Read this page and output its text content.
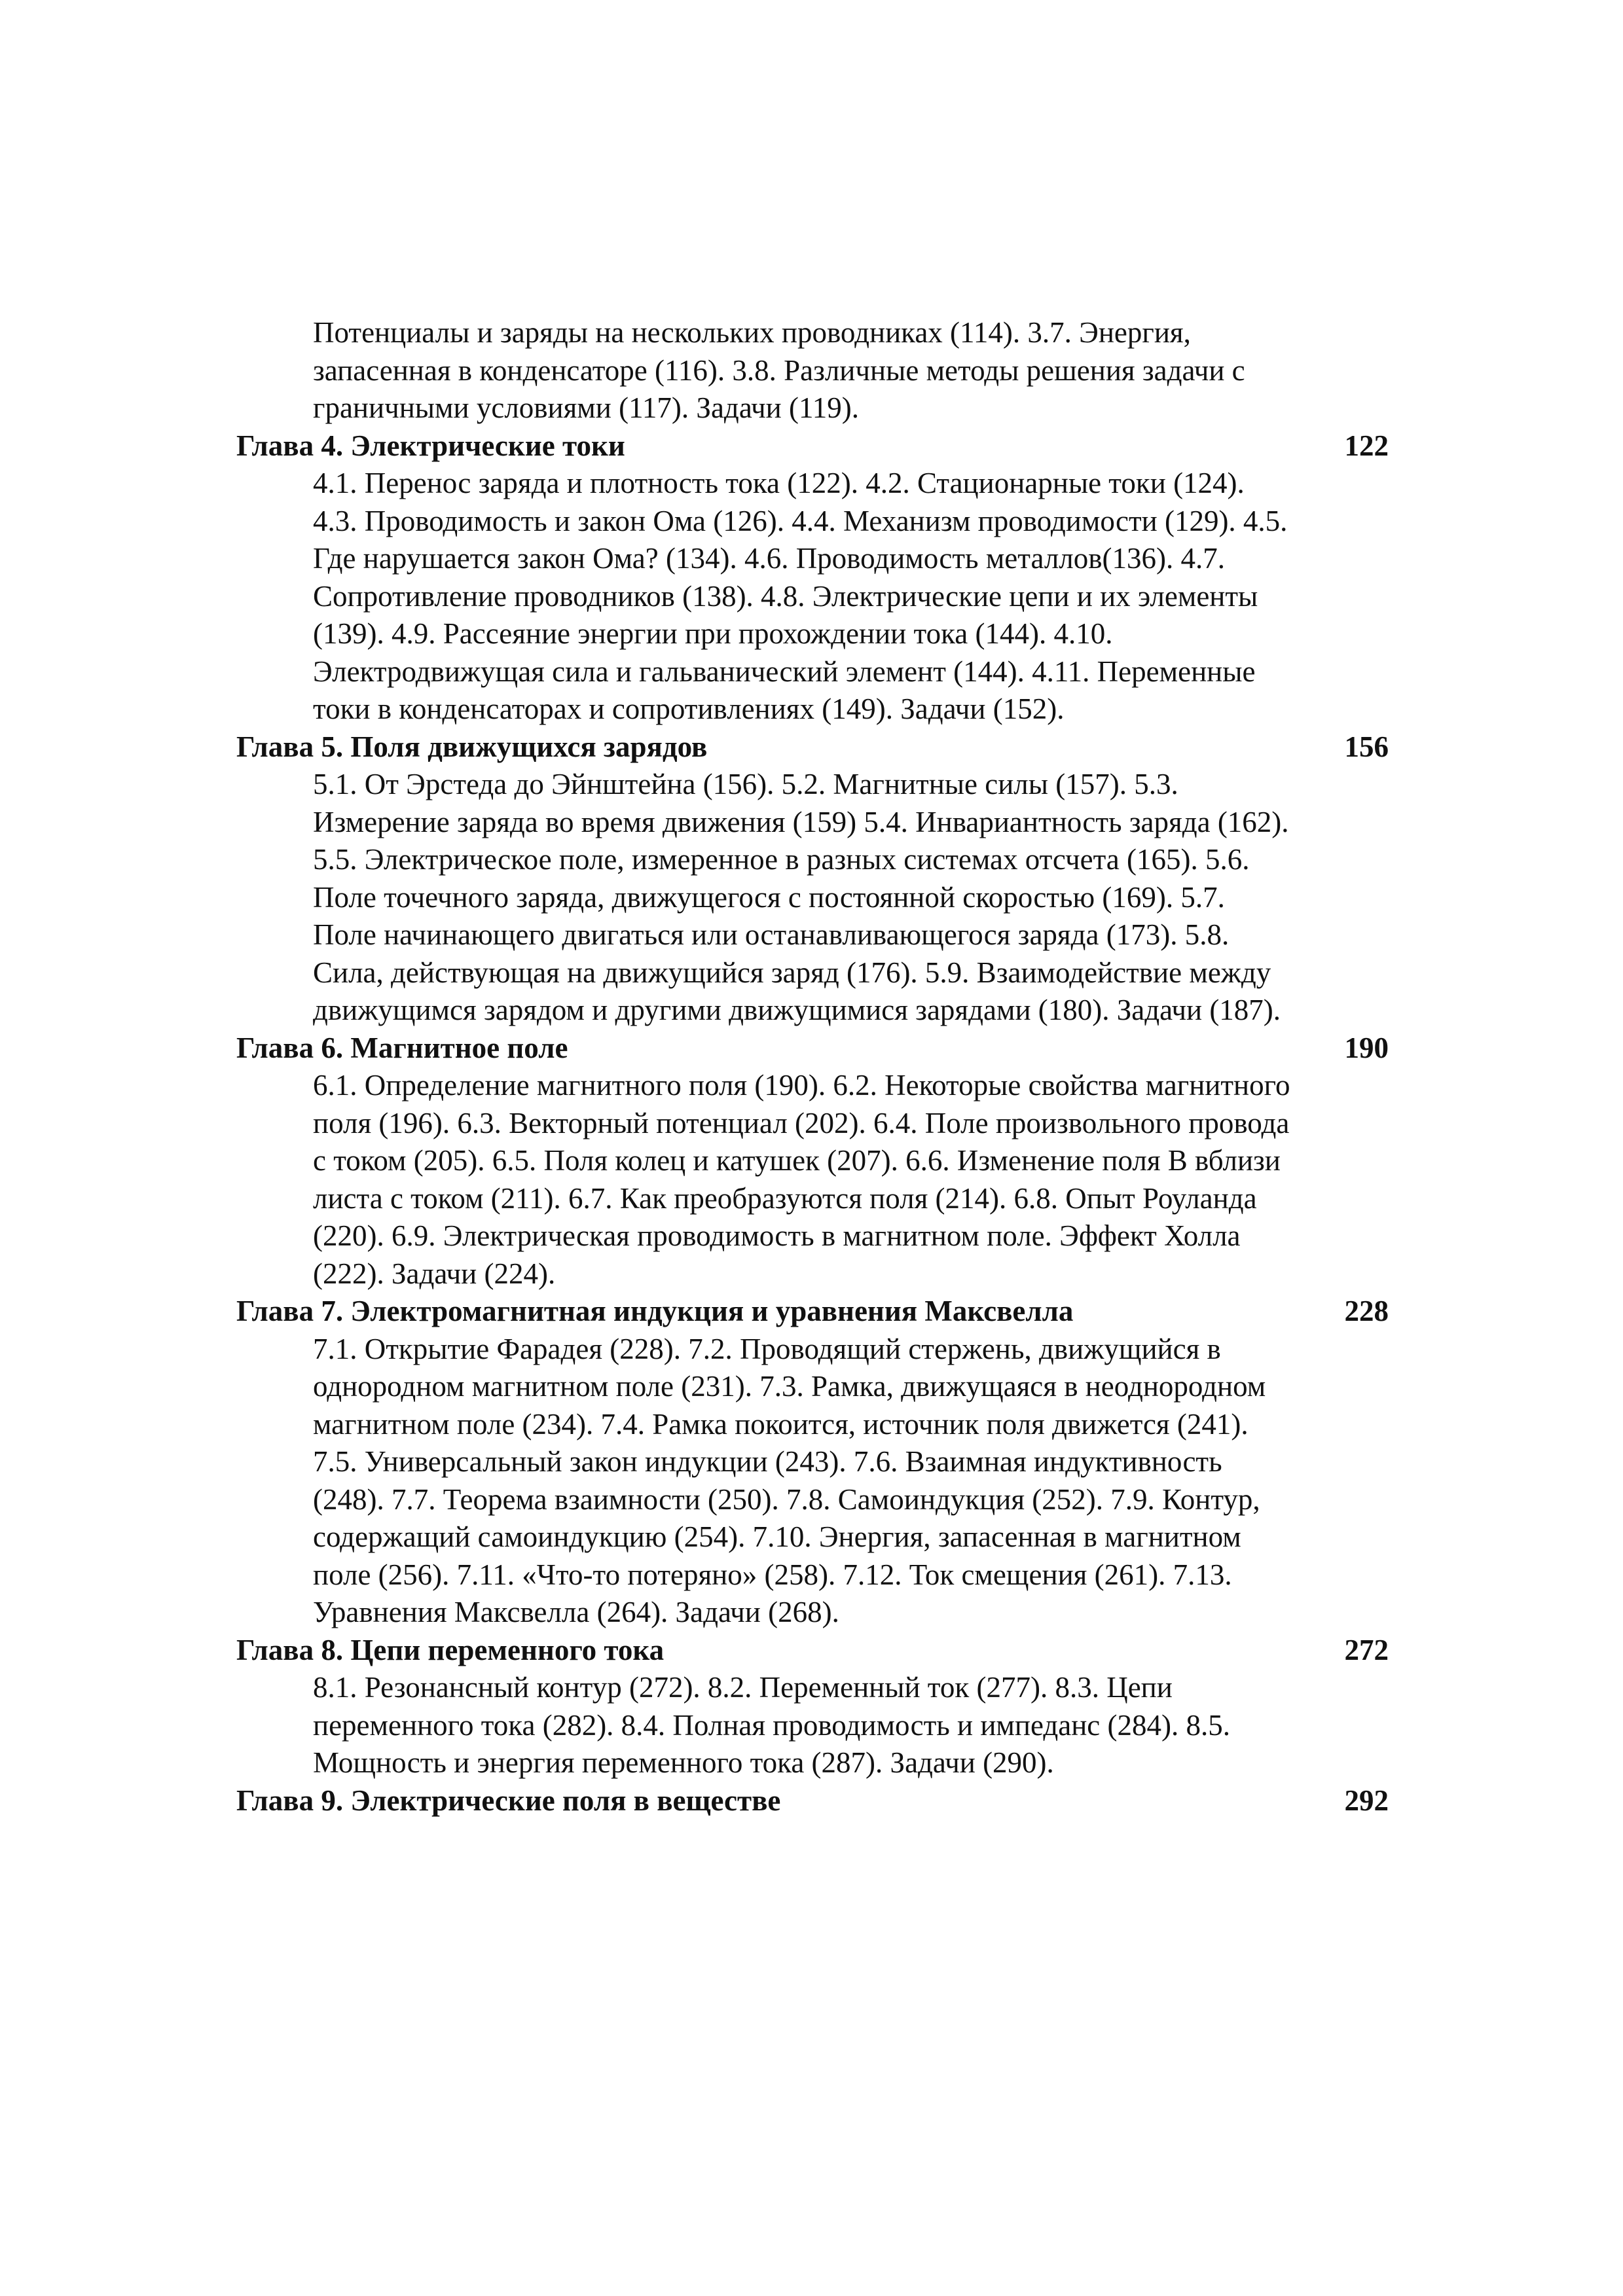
Потенциалы и заряды на нескольких проводниках (114). 3.7. Энергия, запасенная в конденсаторе (116). 3.8. Различные методы решения задачи с граничными условиями (117). Задачи (119).

Глава 4. Электрические токи	122

4.1. Перенос заряда и плотность тока (122). 4.2. Стационарные токи (124). 4.3. Проводимость и закон Ома (126). 4.4. Механизм проводимости (129). 4.5. Где нарушается закон Ома? (134). 4.6. Проводимость металлов(136). 4.7. Сопротивление проводников (138). 4.8. Электрические цепи и их элементы (139). 4.9. Рассеяние энергии при прохождении тока (144). 4.10. Электродвижущая сила и гальванический элемент (144). 4.11. Переменные токи в конденсаторах и сопротивлениях (149). Задачи (152).

Глава 5. Поля движущихся зарядов	156

5.1. От Эрстеда до Эйнштейна (156). 5.2. Магнитные силы (157). 5.3. Измерение заряда во время движения (159) 5.4. Инвариантность заряда (162). 5.5. Электрическое поле, измеренное в разных системах отсчета (165). 5.6. Поле точечного заряда, движущегося с постоянной скоростью (169). 5.7. Поле начинающего двигаться или останавливающегося заряда (173). 5.8. Сила, действующая на движущийся заряд (176). 5.9. Взаимодействие между движущимся зарядом и другими движущимися зарядами (180). Задачи (187).

Глава 6. Магнитное поле	190

6.1. Определение магнитного поля (190). 6.2. Некоторые свойства магнитного поля (196). 6.3. Векторный потенциал (202). 6.4. Поле произвольного провода с током (205). 6.5. Поля колец и катушек (207). 6.6. Изменение поля B вблизи листа с током (211). 6.7. Как преобразуются поля (214). 6.8. Опыт Роуланда (220). 6.9. Электрическая проводимость в магнитном поле. Эффект Холла (222). Задачи (224).

Глава 7. Электромагнитная индукция и уравнения Максвелла	228

7.1. Открытие Фарадея (228). 7.2. Проводящий стержень, движущийся в однородном магнитном поле (231). 7.3. Рамка, движущаяся в неоднородном магнитном поле (234). 7.4. Рамка покоится, источник поля движется (241). 7.5. Универсальный закон индукции (243). 7.6. Взаимная индуктивность (248). 7.7. Теорема взаимности (250). 7.8. Самоиндукция (252). 7.9. Контур, содержащий самоиндукцию (254). 7.10. Энергия, запасенная в магнитном поле (256). 7.11. «Что-то потеряно» (258). 7.12. Ток смещения (261). 7.13. Уравнения Максвелла (264). Задачи (268).

Глава 8. Цепи переменного тока	272

8.1. Резонансный контур (272). 8.2. Переменный ток (277). 8.3. Цепи переменного тока (282). 8.4. Полная проводимость и импеданс (284). 8.5. Мощность и энергия переменного тока (287). Задачи (290).

Глава 9. Электрические поля в веществе	292
